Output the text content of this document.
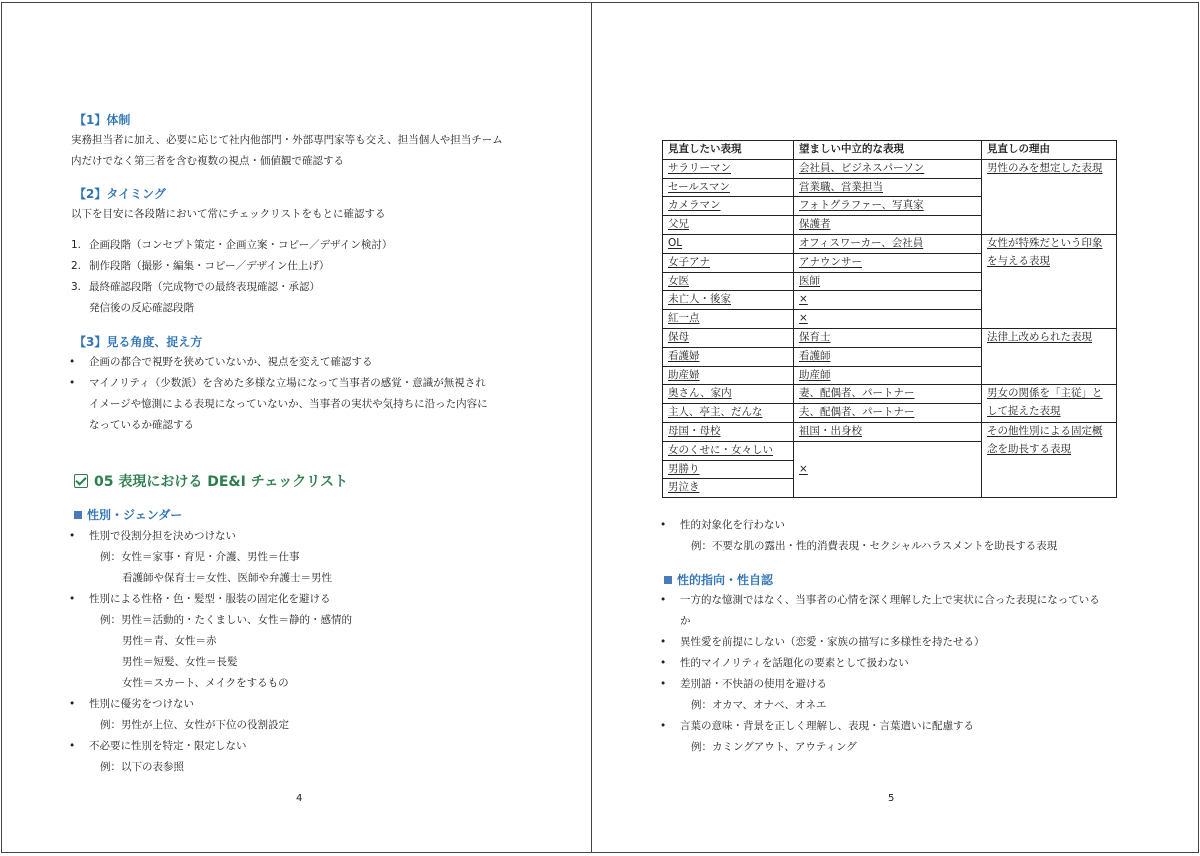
【1】体制
実務担当者に加え、必要に応じて社内他部門・外部専門家等も交え、担当個人や担当チーム
内だけでなく第三者を含む複数の視点・価値観で確認する
【2】タイミング
以下を目安に各段階において常にチェックリストをもとに確認する
1. 企画段階（コンセプト策定・企画立案・コピー／デザイン検討）
2. 制作段階（撮影・編集・コピー／デザイン仕上げ）
3. 最終確認段階（完成物での最終表現確認・承認）
発信後の反応確認段階
【3】見る角度、捉え方
• 企画の都合で視野を狭めていないか、視点を変えて確認する
• マイノリティ（少数派）を含めた多様な立場になって当事者の感覚・意識が無視され
イメージや憶測による表現になっていないか、当事者の実状や気持ちに沿った内容に
なっているか確認する
05 表現における DE&I チェックリスト
性別・ジェンダー
• 性別で役割分担を決めつけない
例：女性＝家事・育児・介護、男性＝仕事
看護師や保育士＝女性、医師や弁護士＝男性
• 性別による性格・色・髪型・服装の固定化を避ける
例：男性＝活動的・たくましい、女性＝静的・感情的
男性＝青、女性＝赤
男性＝短髪、女性＝長髪
女性＝スカート、メイクをするもの
• 性別に優劣をつけない
例：男性が上位、女性が下位の役割設定
• 不必要に性別を特定・限定しない
例：以下の表参照
4
見直したい表現	望ましい中立的な表現	見直しの理由
サラリーマン	会社員、ビジネスパーソン	男性のみを想定した表現
セールスマン	営業職、営業担当	
カメラマン	フォトグラファー、写真家	
父兄	保護者	
OL	オフィスワーカー、会社員	女性が特殊だという印象
を与える表現
女子アナ	アナウンサー	
女医	医師	
未亡人・後家	×	
紅一点	×	
保母	保育士	法律上改められた表現
看護婦	看護師	
助産婦	助産師	
奥さん、家内	妻、配偶者、パートナー	男女の関係を「主従」と
して捉えた表現
主人、亭主、だんな	夫、配偶者、パートナー	
母国・母校	祖国・出身校	その他性別による固定概
念を助長する表現
女のくせに・女々しい	×	
男勝り		
男泣き		
• 性的対象化を行わない
例：不要な肌の露出・性的消費表現・セクシャルハラスメントを助長する表現
性的指向・性自認
• 一方的な憶測ではなく、当事者の心情を深く理解した上で実状に合った表現になっている
か
• 異性愛を前提にしない（恋愛・家族の描写に多様性を持たせる）
• 性的マイノリティを話題化の要素として扱わない
• 差別語・不快語の使用を避ける
例：オカマ、オナベ、オネエ
• 言葉の意味・背景を正しく理解し、表現・言葉遣いに配慮する
例：カミングアウト、アウティング
5
